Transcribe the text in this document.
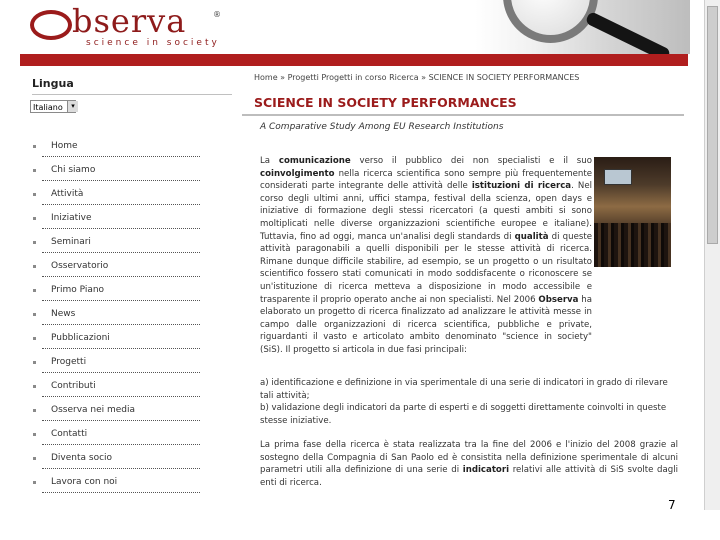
bserva	®
science in society
Lingua
Italiano	▾
Home
Chi siamo
Attività
Iniziative
Seminari
Osservatorio
Primo Piano
News
Pubblicazioni
Progetti
Contributi
Osserva nei media
Contatti
Diventa socio
Lavora con noi
Home » Progetti Progetti in corso Ricerca » SCIENCE IN SOCIETY PERFORMANCES
SCIENCE IN SOCIETY PERFORMANCES
A Comparative Study Among EU Research Institutions
La comunicazione verso il pubblico dei non specialisti e il suo coinvolgimento nella ricerca scientifica sono sempre più frequentemente considerati parte integrante delle attività delle istituzioni di ricerca. Nel corso degli ultimi anni, uffici stampa, festival della scienza, open days e iniziative di formazione degli stessi ricercatori (a questi ambiti si sono moltiplicati nelle diverse organizzazioni scientifiche europee e italiane). Tuttavia, fino ad oggi, manca un'analisi degli standards di qualità di queste attività paragonabili a quelli disponibili per le stesse attività di ricerca. Rimane dunque difficile stabilire, ad esempio, se un progetto o un risultato scientifico fossero stati comunicati in modo soddisfacente o riconoscere se un'istituzione di ricerca metteva a disposizione in modo accessibile e trasparente il proprio operato anche ai non specialisti. Nel 2006 Observa ha elaborato un progetto di ricerca finalizzato ad analizzare le attività messe in campo dalle organizzazioni di ricerca scientifica, pubbliche e private, riguardanti il vasto e articolato ambito denominato "science in society" (SiS). Il progetto si articola in due fasi principali:
a) identificazione e definizione in via sperimentale di una serie di indicatori in grado di rilevare tali attività;
b) validazione degli indicatori da parte di esperti e di soggetti direttamente coinvolti in queste stesse iniziative.
La prima fase della ricerca è stata realizzata tra la fine del 2006 e l'inizio del 2008 grazie al sostegno della Compagnia di San Paolo ed è consistita nella definizione sperimentale di alcuni parametri utili alla definizione di una serie di indicatori relativi alle attività di SiS svolte dagli enti di ricerca.
7
